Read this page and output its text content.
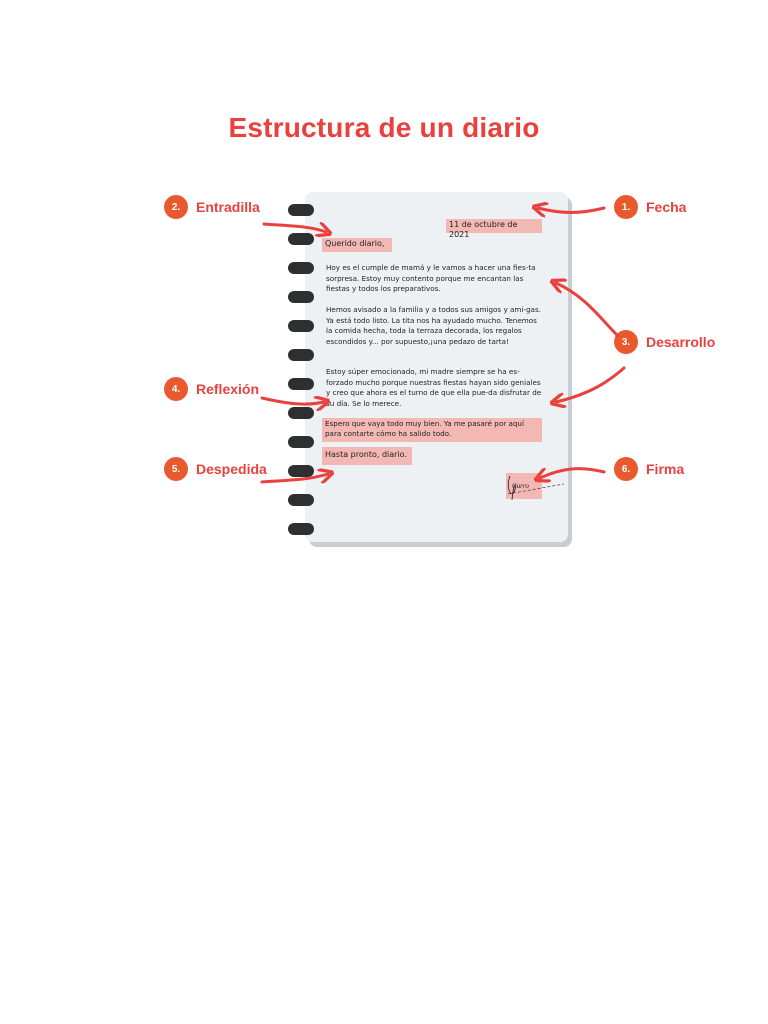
Estructura de un diario
11 de octubre de 2021
Querido diario,
Hoy es el cumple de mamá y le vamos a hacer una fies-ta sorpresa. Estoy muy contento porque me encantan las fiestas y todos los preparativos.
Hemos avisado a la familia y a todos sus amigos y ami-gas. Ya está todo listo. La tita nos ha ayudado mucho. Tenemos la comida hecha, toda la terraza decorada, los regalos escondidos y... por supuesto,¡una pedazo de tarta!
Estoy súper emocionado, mi madre siempre se ha es-forzado mucho porque nuestras fiestas hayan sido geniales y creo que ahora es el turno de que ella pue-da disfrutar de su día. Se lo merece.
Espero que vaya todo muy bien. Ya me pasaré por aquí para contarte cómo ha salido todo.
Hasta pronto, diario.
Curro
2.	Entradilla	1.	Fecha
3.	Desarrollo
4.	Reflexión
5.	Despedida	6.	Firma
